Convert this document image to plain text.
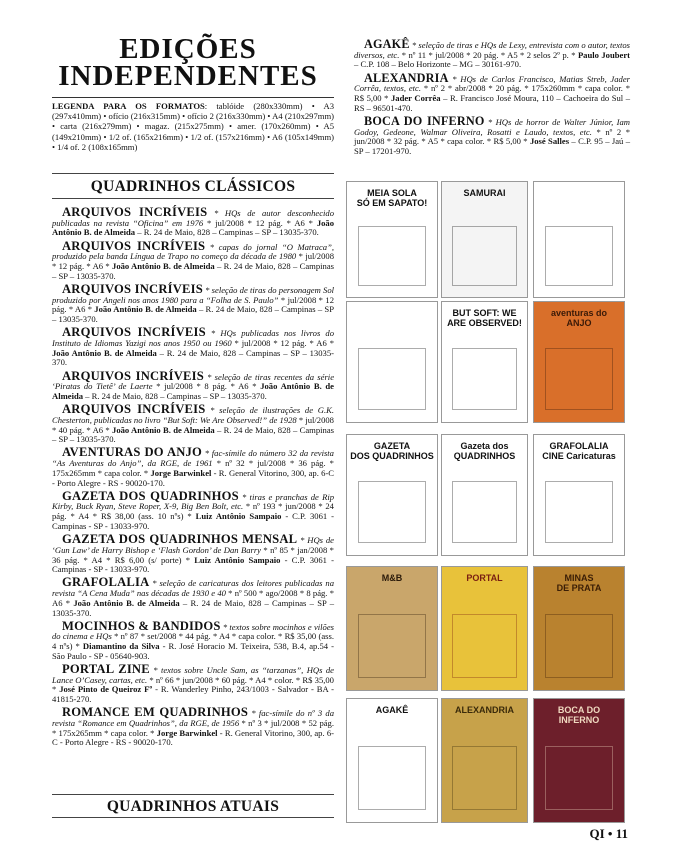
EDIÇÕES
INDEPENDENTES
LEGENDA PARA OS FORMATOS: tablóide (280x330mm) • A3 (297x410mm) • ofício (216x315mm) • ofício 2 (216x330mm) • A4 (210x297mm) • carta (216x279mm) • magaz. (215x275mm) • amer. (170x260mm) • A5 (149x210mm) • 1/2 of. (165x216mm) • 1/2 of. (157x216mm) • A6 (105x149mm) • 1/4 of. 2 (108x165mm)
QUADRINHOS CLÁSSICOS
ARQUIVOS INCRÍVEIS * HQs de autor desconhecido publicadas na revista “Oficina” em 1976 * jul/2008 * 12 pág. * A6 * João Antônio B. de Almeida – R. 24 de Maio, 828 – Campinas – SP – 13035-370.
ARQUIVOS INCRÍVEIS * capas do jornal “O Matraca”, produzido pela banda Língua de Trapo no começo da década de 1980 * jul/2008 * 12 pág. * A6 * João Antônio B. de Almeida – R. 24 de Maio, 828 – Campinas – SP – 13035-370.
ARQUIVOS INCRÍVEIS * seleção de tiras do personagem Sol produzido por Angeli nos anos 1980 para a “Folha de S. Paulo” * jul/2008 * 12 pág. * A6 * João Antônio B. de Almeida – R. 24 de Maio, 828 – Campinas – SP – 13035-370.
ARQUIVOS INCRÍVEIS * HQs publicadas nos livros do Instituto de Idiomas Yazigi nos anos 1950 ou 1960 * jul/2008 * 12 pág. * A6 * João Antônio B. de Almeida – R. 24 de Maio, 828 – Campinas – SP – 13035-370.
ARQUIVOS INCRÍVEIS * seleção de tiras recentes da série ‘Piratas do Tietê’ de Laerte * jul/2008 * 8 pág. * A6 * João Antônio B. de Almeida – R. 24 de Maio, 828 – Campinas – SP – 13035-370.
ARQUIVOS INCRÍVEIS * seleção de ilustrações de G.K. Chesterton, publicadas no livro “But Soft: We Are Observed!” de 1928 * jul/2008 * 40 pág. * A6 * João Antônio B. de Almeida – R. 24 de Maio, 828 – Campinas – SP – 13035-370.
AVENTURAS DO ANJO * fac-símile do número 32 da revista “As Aventuras do Anjo”, da RGE, de 1961 * nº 32 * jul/2008 * 36 pág. * 175x265mm * capa color. * Jorge Barwinkel - R. General Vitorino, 300, ap. 6-C - Porto Alegre - RS - 90020-170.
GAZETA DOS QUADRINHOS * tiras e pranchas de Rip Kirby, Buck Ryan, Steve Roper, X-9, Big Ben Bolt, etc. * nº 193 * jun/2008 * 24 pág. * A4 * R$ 38,00 (ass. 10 nºs) * Luiz Antônio Sampaio - C.P. 3061 - Campinas - SP - 13033-970.
GAZETA DOS QUADRINHOS MENSAL * HQs de ‘Gun Law’ de Harry Bishop e ‘Flash Gordon’ de Dan Barry * nº 85 * jan/2008 * 36 pág. * A4 * R$ 6,00 (s/ porte) * Luiz Antônio Sampaio - C.P. 3061 - Campinas - SP - 13033-970.
GRAFOLALIA * seleção de caricaturas dos leitores publicadas na revista “A Cena Muda” nas décadas de 1930 e 40 * nº 500 * ago/2008 * 8 pág. * A6 * João Antônio B. de Almeida – R. 24 de Maio, 828 – Campinas – SP – 13035-370.
MOCINHOS & BANDIDOS * textos sobre mocinhos e vilões do cinema e HQs * nº 87 * set/2008 * 44 pág. * A4 * capa color. * R$ 35,00 (ass. 4 nºs) * Diamantino da Silva - R. José Horacio M. Teixeira, 538, B.4, ap.54 - São Paulo - SP - 05640-903.
PORTAL ZINE * textos sobre Uncle Sam, as “tarzanas”, HQs de Lance O’Casey, cartas, etc. * nº 66 * jun/2008 * 60 pág. * A4 * color. * R$ 35,00 * José Pinto de Queiroz Fº - R. Wanderley Pinho, 243/1003 - Salvador - BA - 41815-270.
ROMANCE EM QUADRINHOS * fac-símile do nº 3 da revista “Romance em Quadrinhos”, da RGE, de 1956 * nº 3 * jul/2008 * 52 pág. * 175x265mm * capa color. * Jorge Barwinkel - R. General Vitorino, 300, ap. 6-C - Porto Alegre - RS - 90020-170.
QUADRINHOS ATUAIS
AGAKÊ * seleção de tiras e HQs de Lexy, entrevista com o autor, textos diversos, etc. * nº 11 * jul/2008 * 20 pág. * A5 * 2 selos 2º p. * Paulo Joubert – C.P. 108 – Belo Horizonte – MG – 30161-970.
ALEXANDRIA * HQs de Carlos Francisco, Matias Streb, Jader Corrêa, textos, etc. * nº 2 * abr/2008 * 20 pág. * 175x260mm * capa color. * R$ 5,00 * Jader Corrêa – R. Francisco José Moura, 110 – Cachoeira do Sul – RS – 96501-470.
BOCA DO INFERNO * HQs de horror de Walter Júnior, Iam Godoy, Gedeone, Walmar Oliveira, Rosatti e Laudo, textos, etc. * nº 2 * jun/2008 * 32 pág. * A5 * capa color. * R$ 5,00 * José Salles – C.P. 95 – Jaú – SP – 17201-970.
MEIA SOLA
SÓ EM SAPATO!
SAMURAI
BUT SOFT: WE ARE OBSERVED!
aventuras do
ANJO
GAZETA
DOS QUADRINHOS
Gazeta dos
QUADRINHOS
GRAFOLALIA
CINE Caricaturas
M&B	PORTAL	MINAS
DE PRATA
AGAKÊ	ALEXANDRIA	BOCA DO
INFERNO
QI • 11
